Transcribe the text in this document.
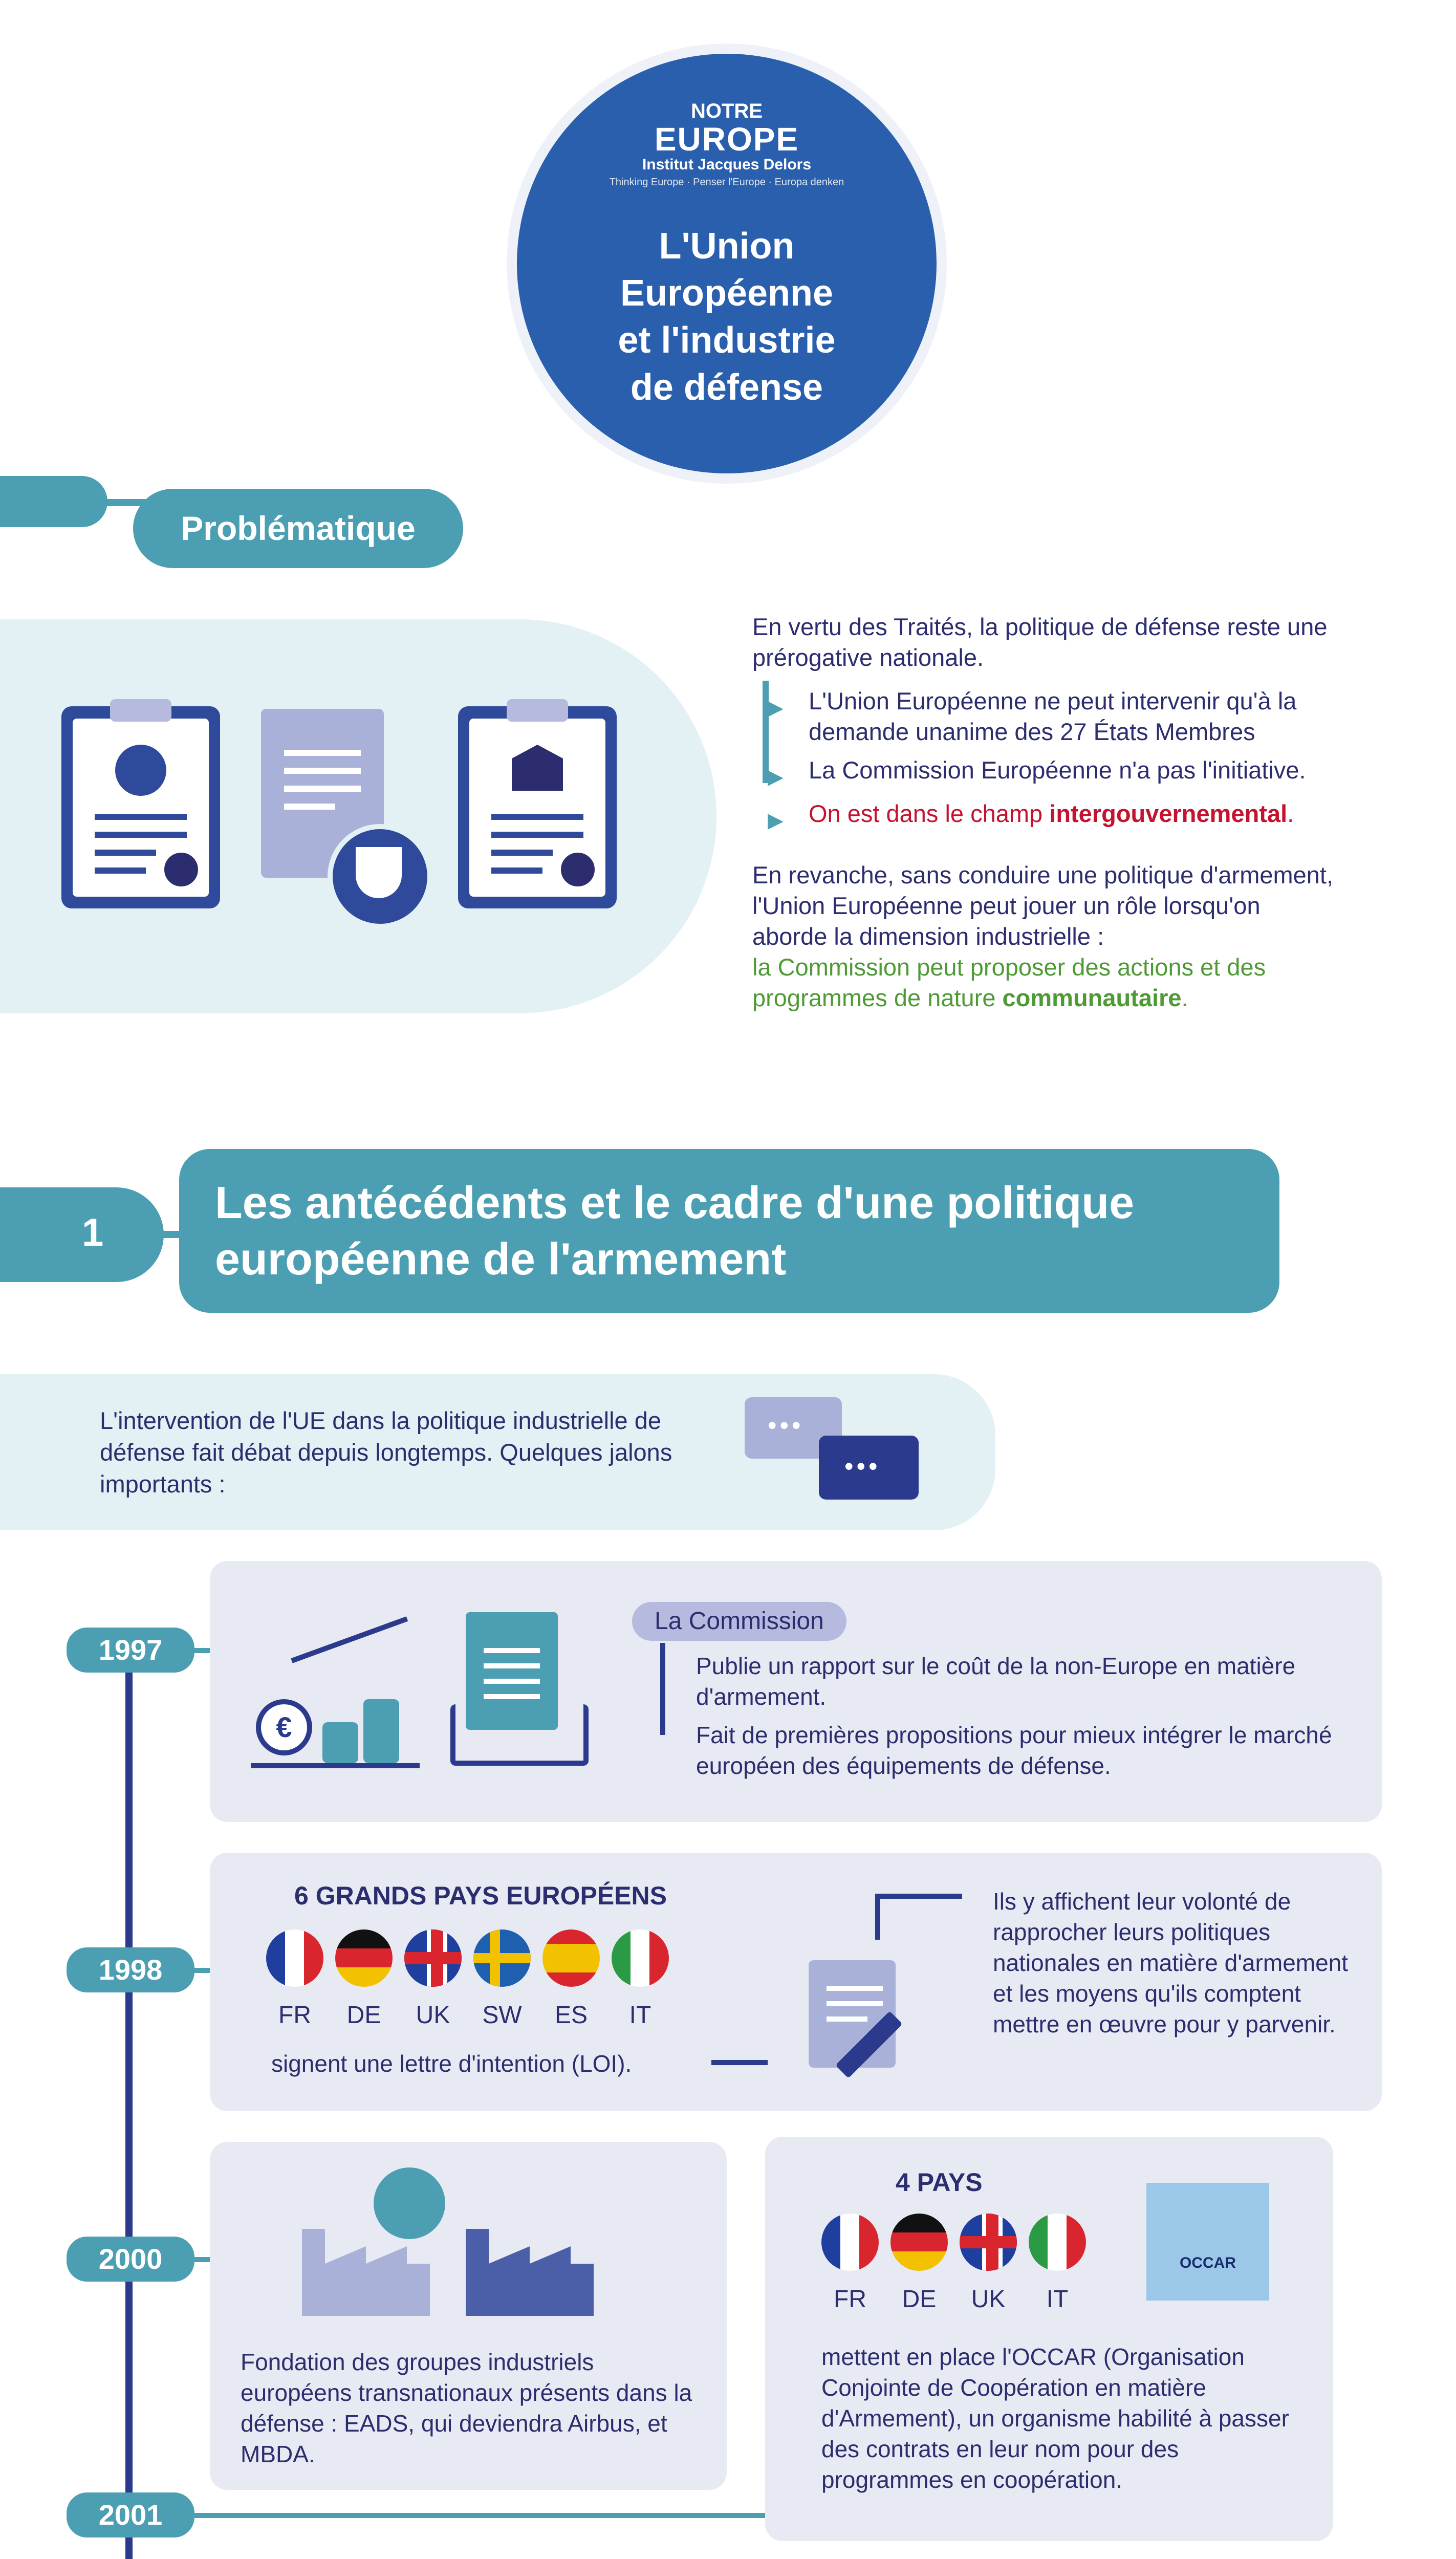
NOTRE
EUROPE
Institut Jacques Delors
Thinking Europe · Penser l'Europe · Europa denken
L'Union
Européenne
et l'industrie
de défense
Problématique
En vertu des Traités, la politique de défense reste une prérogative nationale.
L'Union Européenne ne peut intervenir qu'à la demande unanime des 27 États Membres
La Commission Européenne n'a pas l'initiative.
On est dans le champ intergouvernemental.
▶
▶
▶
En revanche, sans conduire une politique d'armement, l'Union Européenne peut jouer un rôle lorsqu'on aborde la dimension industrielle :
la Commission peut proposer des actions et des programmes de nature communautaire.
1
Les antécédents et le cadre d'une politique
européenne de l'armement
L'intervention de l'UE dans la politique industrielle de défense fait débat depuis longtemps. Quelques jalons importants :
•••
•••
1997
1998
2000
2001
€
La Commission
Publie un rapport sur le coût de la non-Europe en matière d'armement.
Fait de premières propositions pour mieux intégrer le marché européen des équipements de défense.
6 GRANDS PAYS EUROPÉENS
FR	DE	UK	SW	ES	IT
signent une lettre d'intention (LOI).
Ils y affichent leur volonté de rapprocher leurs politiques nationales en matière d'armement et les moyens qu'ils comptent mettre en œuvre pour y parvenir.
Fondation des groupes industriels européens transnationaux présents dans la défense : EADS, qui deviendra Airbus, et MBDA.
4 PAYS
FR	DE	UK	IT
OCCAR
mettent en place l'OCCAR (Organisation Conjointe de Coopération en matière d'Armement), un organisme habilité à passer des contrats en leur nom pour des programmes en coopération.
